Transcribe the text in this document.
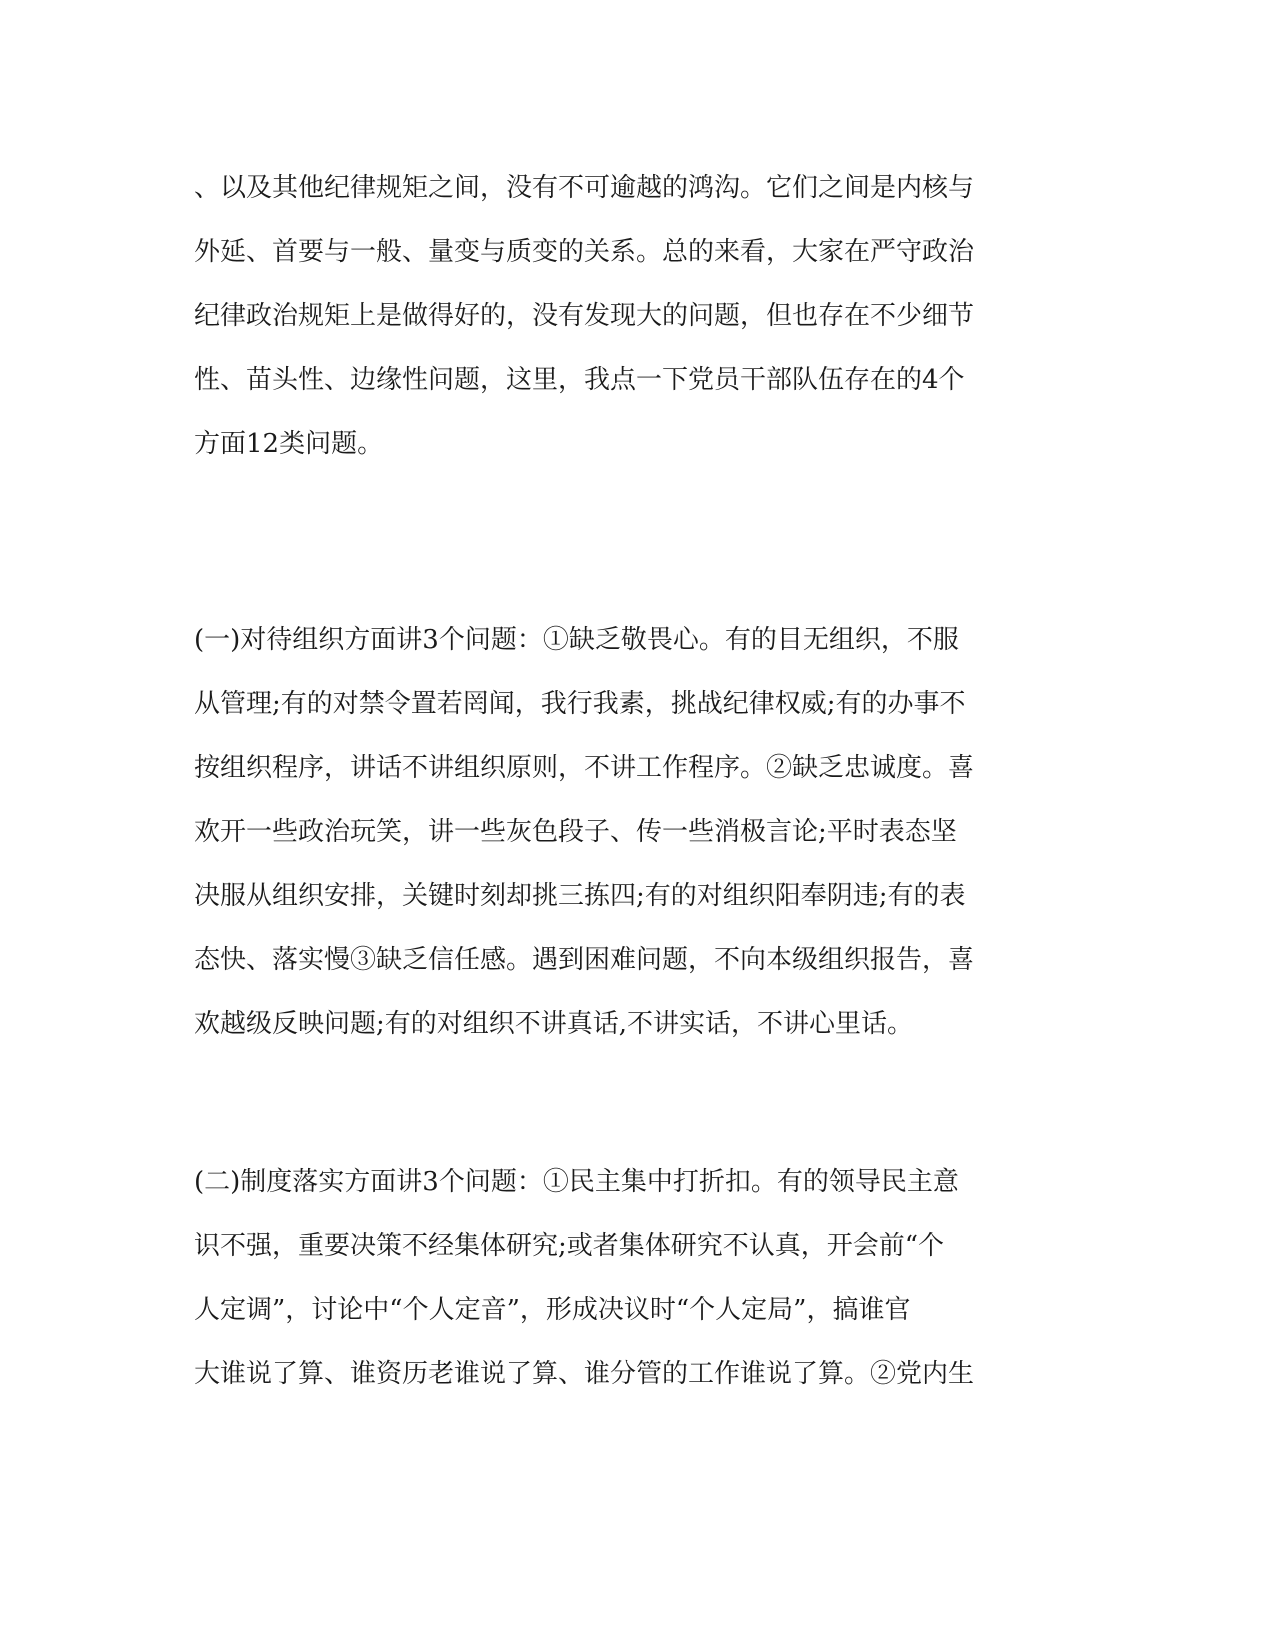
、以及其他纪律规矩之间，没有不可逾越的鸿沟。它们之间是内核与
外延、首要与一般、量变与质变的关系。总的来看，大家在严守政治
纪律政治规矩上是做得好的，没有发现大的问题，但也存在不少细节
性、苗头性、边缘性问题，这里，我点一下党员干部队伍存在的4个
方面12类问题。
(一)对待组织方面讲3个问题：①缺乏敬畏心。有的目无组织，不服
从管理;有的对禁令置若罔闻，我行我素，挑战纪律权威;有的办事不
按组织程序，讲话不讲组织原则，不讲工作程序。②缺乏忠诚度。喜
欢开一些政治玩笑，讲一些灰色段子、传一些消极言论;平时表态坚
决服从组织安排，关键时刻却挑三拣四;有的对组织阳奉阴违;有的表
态快、落实慢③缺乏信任感。遇到困难问题，不向本级组织报告，喜
欢越级反映问题;有的对组织不讲真话,不讲实话，不讲心里话。
(二)制度落实方面讲3个问题：①民主集中打折扣。有的领导民主意
识不强，重要决策不经集体研究;或者集体研究不认真，开会前“个
人定调”，讨论中“个人定音”，形成决议时“个人定局”，搞谁官
大谁说了算、谁资历老谁说了算、谁分管的工作谁说了算。②党内生
